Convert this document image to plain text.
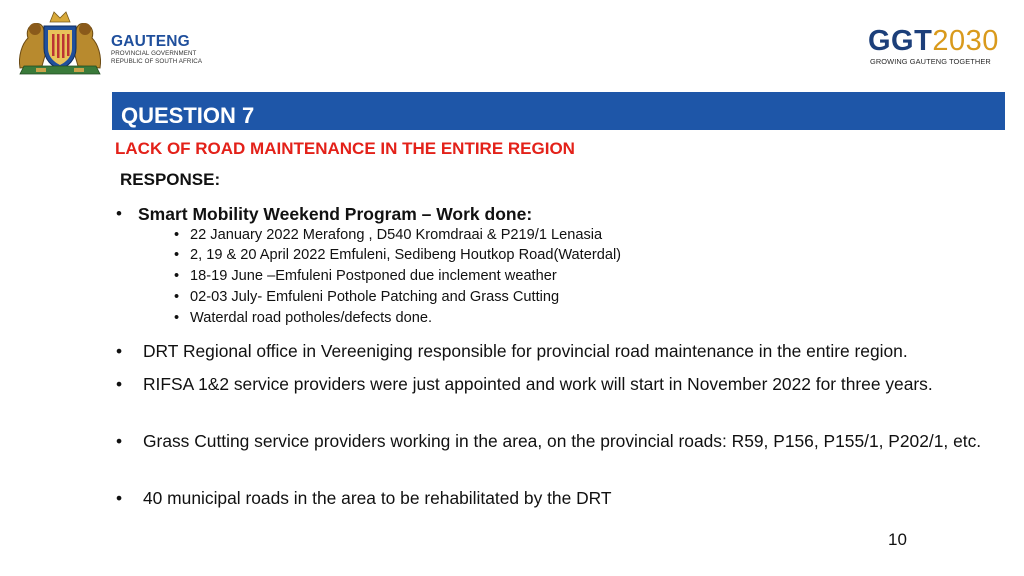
GAUTENG
PROVINCIAL GOVERNMENT
REPUBLIC OF SOUTH AFRICA
GGT2030
GROWING GAUTENG TOGETHER
QUESTION 7
LACK OF ROAD MAINTENANCE IN THE ENTIRE REGION
RESPONSE:
• Smart Mobility Weekend Program – Work done:
• 22 January 2022 Merafong , D540 Kromdraai & P219/1 Lenasia
• 2, 19 & 20 April 2022 Emfuleni, Sedibeng Houtkop Road(Waterdal)
• 18-19 June –Emfuleni Postponed due inclement weather
• 02-03 July- Emfuleni Pothole Patching and Grass Cutting
• Waterdal road potholes/defects done.
• DRT Regional office in Vereeniging responsible for provincial road maintenance in the entire region.
• RIFSA 1&2 service providers were just appointed and work will start in November 2022 for three years.
• Grass Cutting service providers working in the area, on the provincial roads: R59, P156, P155/1, P202/1, etc.
• 40 municipal roads in the area to be rehabilitated by the DRT
10
